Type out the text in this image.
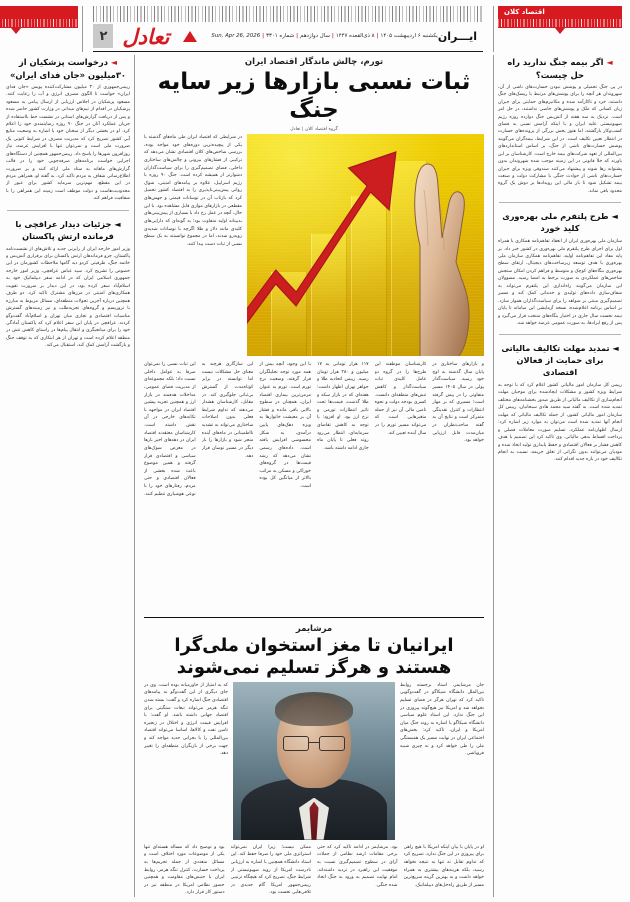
اقتصاد کلان
ایـــران
یکشنبه ۶ اردیبهشت ۱۴۰۵
|
۸ ذی‌القعده ۱۴۴۷
|
سال دوازدهم
|
شماره ۳۳۰۱
|
Sun, Apr 26, 2026
۲ تعادل
◄ اگر بیمه جنگ ندارید راه حل چیست؟
در پی جنگ تحمیلی و پوشش نبودن خسارت‌های ناشی از آن، شهروندان هر آنچه را برای پوشش‌های مرتبط با ریسک‌های جنگ داشتند، خرد و ناکارآمد شده و مکانیزم‌های حمایتی برای جبران زیان کسانی که ملک و پوشش‌های خاصی نداشتند، در حل امر است. نزدیک به سه هفته از آتش‌بس جنگ دوازده روزه رژیم صهیونیستی علیه ایران و با اینکه آرامش نسبی به فضای کسب‌وکار بازگشته، اما هنوز بخش بزرگی از پرونده‌های خسارت در انتظار تعیین تکلیف است. در این شرایط، بیمه‌گران می‌گویند پوشش خسارت‌های ناشی از جنگ، بر اساس استانداردهای بین‌المللی از تعهد شرکت‌های بیمه خارج است. کارشناسان بر این باورند که خلأ قانونی در این زمینه موجب شده شهروندان بدون پشتوانه رها شوند و پیشنهاد می‌کنند صندوقی ویژه برای جبران خسارت‌های ناشی از حوادث جنگی با مشارکت دولت و صنعت بیمه تشکیل شود تا بار مالی این رویدادها بر دوش یک گروه محدود باقی نماند.
◄ طرح پلتفرم ملی بهره‌وری کلید خورد
سازمان ملی بهره‌وری ایران از انعقاد تفاهم‌نامه همکاری با همراه اول برای اجرای طرح پلتفرم ملی بهره‌وری در کشور خبر داد. بر پایه مفاد این تفاهم‌نامه اولیه، تفاهم‌نامه همکاری سازمان ملی بهره‌وری با هدف توسعه زیرساخت‌های دیجیتال، ارتقای سطح بهره‌وری بنگاه‌های کوچک و متوسط و فراهم کردن امکان سنجش شاخص‌های عملکردی به صورت برخط به امضا رسید. مسوولان این سازمان می‌گویند راه‌اندازی این پلتفرم می‌تواند به شفاف‌سازی داده‌های تولیدی و خدماتی کمک کند و مسیر تصمیم‌گیری مبتنی بر شواهد را برای سیاست‌گذاران هموار سازد. بر اساس برنامه اعلام‌شده، نسخه آزمایشی این سامانه تا پایان نیمه نخست سال جاری در اختیار بنگاه‌های منتخب قرار می‌گیرد و پس از رفع ایرادها، به صورت عمومی عرضه خواهد شد.
◄ تمدید مهلت تکالیف مالیاتی برای حمایت از فعالان اقتصادی
رییس کل سازمان امور مالیاتی کشور اعلام کرد که با توجه به شرایط ویژه کشور و مشکلات ایجادشده برای موجبان مهلت انجام‌سازی از تکالیف مالیاتی از طریق صدور بخشنامه‌های مختلف تمدید شده است. به گفته سید محمد هادی سبحانیان، رییس کل سازمان امور مالیاتی کشور، از جمله تکالیف مالیاتی که مهلت انجام آنها تمدید شده است می‌توان به موارد زیر اشاره کرد: ارسال اظهارنامه عملکرد، تسلیم صورت معاملات فصلی و پرداخت اقساط بدهی مالیاتی. وی تاکید کرد این تصمیم با هدف کاهش فشار بر فعالان اقتصادی و حفظ پایداری تولید اتخاذ شده و مودیان می‌توانند بدون نگرانی از تعلق جریمه، نسبت به انجام تکالیف خود در بازه جدید اقدام کنند.
تورم، چالش ماندگار اقتصاد ایران
ثبات نسبی بازارها زیر سایه جنگ
گروه اقتصاد کلان | تعادل
در شرایطی که اقتصاد ایران طی ماه‌های گذشته با یکی از پیچیده‌ترین دوره‌های خود مواجه بوده، بررسی شاخص‌های کلان اقتصادی نشان می‌دهد که ترکیبی از فشارهای بیرونی و چالش‌های ساختاری داخلی، فضای تصمیم‌گیری را برای سیاست‌گذاران دشوارتر از همیشه کرده است. جنگ ۹۰ روزه با رژیم اسراییل، علاوه بر پیامدهای امنیتی، شوک روانی پیش‌بینی‌ناپذیری را به اقتصاد کشور تحمیل کرد که بازتاب آن در نوسانات قیمتی و جهش‌های مقطعی در بازارهای موازی قابل مشاهده بود. با این حال، آنچه در عمل رخ داد با بسیاری از پیش‌بینی‌های بدبینانه اولیه متفاوت بود؛ به گونه‌ای که دارایی‌های کلیدی مانند دلار و طلا اگرچه با نوسانات شدیدی روبه‌رو شدند، اما در مجموع توانستند به یک سطح نسبی از ثبات دست پیدا کنند.
و بازارهای ساختاری در پایان سال گذشته به اوج خود رسید. سیاست‌گذار پولی در سال ۱۴۰۵ مسیر متفاوتی را در پیش گرفته است؛ مسیری که بر مهار انتظارات و کنترل نقدینگی متمرکز است و نتایج آن به گفته صاحب‌نظران در میان‌مدت قابل ارزیابی خواهد بود.
کارشناسان موظفند این طرح‌ها را در گروه دو عامل کلیدی ثبات سیاست‌گذار و کاهش تنش‌های منطقه‌ای دانست. کسری بودجه دولت و نحوه تامین مالی آن نیز از جمله متغیرهایی است که می‌تواند مسیر تورم را در سال آینده تعیین کند.
۱۱۷ هزار تومانی به ۱۷ میلیون و ۲۸۰ هزار تومان رسید. رییس اتحادیه طلا و جواهر تهران اظهار داشت: هفته‌ای که در بازار سکه و طلا گذشت، قیمت‌ها تحت تاثیر انتظارات تورمی و نرخ ارز بود. او افزود: با توجه به کاهش تقاضای سرمایه‌ای، انتظار می‌رود روند فعلی تا پایان ماه جاری ادامه داشته باشد.
با این وجود، آنچه بیش از همه مورد توجه تحلیلگران قرار گرفته، وضعیت نرخ تورم است. تورم به عنوان مزمن‌ترین بیماری اقتصاد ایران، همچنان در سطوح بالایی باقی مانده و فشار آن بر معیشت خانوارها به ویژه دهک‌های پایین درآمدی، به شکل محسوسی افزایش یافته است. داده‌های رسمی نشان می‌دهد که رشد قیمت‌ها در گروه‌های خوراکی و مسکن به مراتب بالاتر از میانگین کل بوده است.
این سازگاری هرچند به معنای حل مشکلات نیست اما توانسته در برابر کوتاه‌مدت از گسترش بی‌ثباتی جلوگیری کند. در مقابل، کارشناسان هشدار می‌دهند که تداوم شرایط فعلی بدون اصلاحات ساختاری می‌تواند به تشدید نااطمینانی در ماه‌های آینده منجر شود و بازارها را بار دیگر در مسیر نوسان قرار دهد.
این ثبات نسبی را نمی‌توان صرفا به عوامل داخلی نسبت داد؛ بلکه مجموعه‌ای از مدیریت فضای عمومی، مداخلات هدفمند در بازار ارز و همچنین تجربه پیشین اقتصاد ایران در مواجهه با تکانه‌های خارجی در آن نقش داشته است. کارشناسان معتقدند اقتصاد ایران در دهه‌های اخیر بارها در معرض شوک‌های سیاسی و اقتصادی قرار گرفته و همین موضوع باعث شده بخشی از فعالان اقتصادی و حتی مردم، رفتارهای خود را با نوعی هوشیاری تنظیم کنند.
مرشایمر
ایرانیان تا مغز استخوان ملی‌گرا هستند و هرگز تسلیم نمی‌شوند
جان مرشایمر، استاد برجسته روابط بین‌الملل دانشگاه شیکاگو در گفت‌وگویی تاکید کرد که تهران هرگز در فضای تسلیم نخواهد شد و امریکا نیز هیچ‌گونه پیروزی در این جنگ ندارد. این استاد علوم سیاسی دانشگاه شیکاگو با اشاره به روند جنگ میان امریکا و ایران، تاکید کرد: بخش‌های اجتماعی ایران در نهایت مسیر یک همبستگی ملی را طی خواهد کرد و نه چیزی شبیه فروپاشی.
که به امتیاز از خاورمیانه بوده است. وی در جای دیگری از این گفت‌وگو به پیامدهای اقتصادی جنگ اشاره کرد و گفت: بسته شدن تنگه هرمز می‌تواند تبعات سنگینی برای اقتصاد جهانی داشته باشد. او گفت: با افزایش قیمت انرژی و اختلال در زنجیره تامین نفت و کالاها، اساسا می‌تواند اقتصاد بین‌المللی را با بحرانی جدید مواجه کند و جهت برخی از بازیگران منطقه‌ای را تغییر دهد.
او در پایان با بیان اینکه امریکا با هیچ راهی برای پیروزی در این جنگ ندارد، تصریح کرد که تداوم تقابل نه تنها به نتیجه نخواهد رسید، بلکه هزینه‌های بیشتری به همراه خواهد داشت و به بهترین گزینه سریع‌ترین مسیر از طریق راه‌حل‌های دیپلماتیک.
بود. مرشایمر در ادامه تاکید کرد که حتی برخی مقامات ارشد نظامی از جملات آرای در سطوح تصمیم‌گیری نسبت به موفقیت این راهبرد در تردید داشته‌اند. امام نهایت تصمیم به ورود به جنگ اتخاذ شده جنگی.
ممکن نیست؛ زیرا ایران نمی‌تواند استراتژی ملی خود را صرفا حفظ کند. این استاد دانشگاه همچنین با اشاره به ارزیابی نادرست امریکا از رویه صهیونیستی از شرایط جنگ، تصریح کرد که هیچگاه ترتیبی رییس‌جمهور امریکا گام جدیدی در تلافی‌هایی نخست بود.
بود و توضیح داد که مساله هسته‌ای تنها یکی از موضوعات مورد اختلاف است و مسائل متعددی از جمله تحریم‌ها به پرداخت خسارت، کنترل تنگه هرمز، روابط ایران با جنبش‌های مقاومت و همچنین حضور نظامی امریکا در منطقه نیز در دستور کار قرار دارد.
◄ درخواست پزشکیان از ۳۰میلیون «جان فدای ایران»
رییس‌جمهوری از ۳۰ میلیون مشارکت‌کننده پویش «جان فدای ایران» خواست تا الگوی مصرف انرژی و آب را رعایت کنند. مسعود پزشکیان در اجلاس ارزیابی از ارسال پیامی به مسعود پزشکیان در اقدام از تیم‌های میدانی در وزارت کشور حاضر شده و پس از دریافت گزارش‌های استانی در نشست خط بااستفاده از جریان عملکرد آنان در جنگ ۹۰ روزه رضایتمندی خود را اعلام کرد. او در بخشی دیگر از سخنان خود با اشاره به وضعیت منابع آبی کشور تصریح کرد که مدیریت مصرف در شرایط کنونی یک ضرورت ملی است و نمی‌توان تنها با افزایش عرضه، نیاز روزافزون شهرها را پاسخ داد. رییس‌جمهور همچنین از دستگاه‌های اجرایی خواست برنامه‌های صرفه‌جویی خود را در قالب گزارش‌های ماهانه به ستاد ملی ارائه کنند و بر ضرورت اطلاع‌رسانی شفاف به مردم تاکید کرد. به گفته او، همراهی مردم در این مقطع، مهم‌ترین سرمایه کشور برای عبور از محدودیت‌هاست و دولت موظف است زمینه این همراهی را با شفافیت فراهم کند.
◄ جزئیات دیدار عراقچی با فرمانده ارتش پاکستان
وزیر امور خارجه ایران از رایزنی جدید و تلاش‌های از نشست‌نامه پاکستان، جزو فرماندهان ارتش پاکستان برای برقراری آتش‌بس و خاتمه جنگ، ظرفیتی کردو دید گامها ملاحظات کشورمان در این خصوص را تشریح کرد. سید عباس عراقچی، وزیر امور خارجه جمهوری اسلامی ایران که در ادامه سفر دیپلماتیک خود به اسلام‌آباد سفر کرده بود، در این دیدار بر ضرورت تقویت همکاری‌های امنیتی در مرزهای مشترک تاکید کرد. دو طرف همچنین درباره آخرین تحولات منطقه‌ای، مسائل مربوط به مبارزه با تروریسم و گروه‌های تجزیه‌طلب و نیز زمینه‌های گسترش مناسبات اقتصادی و تجاری میان تهران و اسلام‌آباد گفت‌وگو کردند. عراقچی در پایان این سفر اعلام کرد که پاکستان آمادگی خود را برای میانجیگری و انتقال پیام‌ها در راستای کاهش تنش در منطقه اعلام کرده است و تهران از هر ابتکاری که به توقف جنگ و بازگشت آرامش کمک کند، استقبال می‌کند.
